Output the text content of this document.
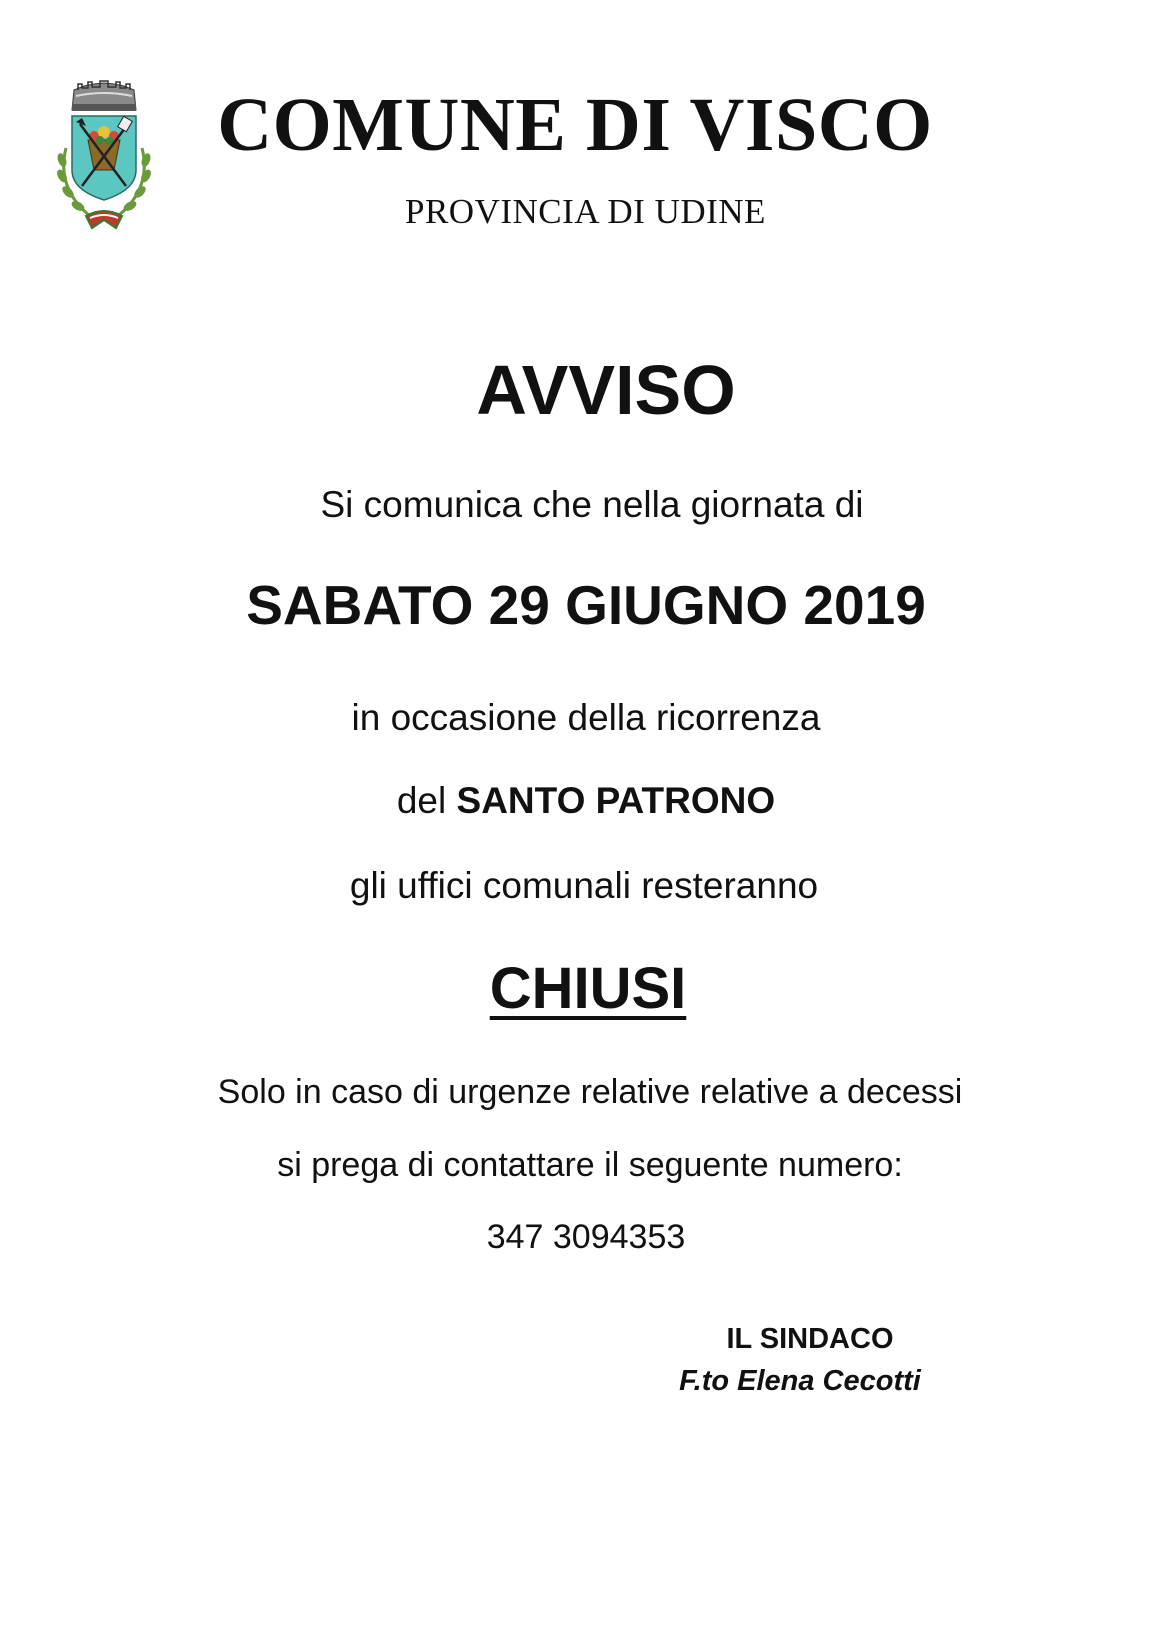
COMUNE DI VISCO
PROVINCIA DI UDINE
AVVISO
Si comunica che nella giornata di
SABATO 29 GIUGNO 2019
in occasione della ricorrenza
del SANTO PATRONO
gli uffici comunali resteranno
CHIUSI
Solo in caso di urgenze relative relative a decessi
si prega di contattare il seguente numero:
347 3094353
IL SINDACO
F.to Elena Cecotti
